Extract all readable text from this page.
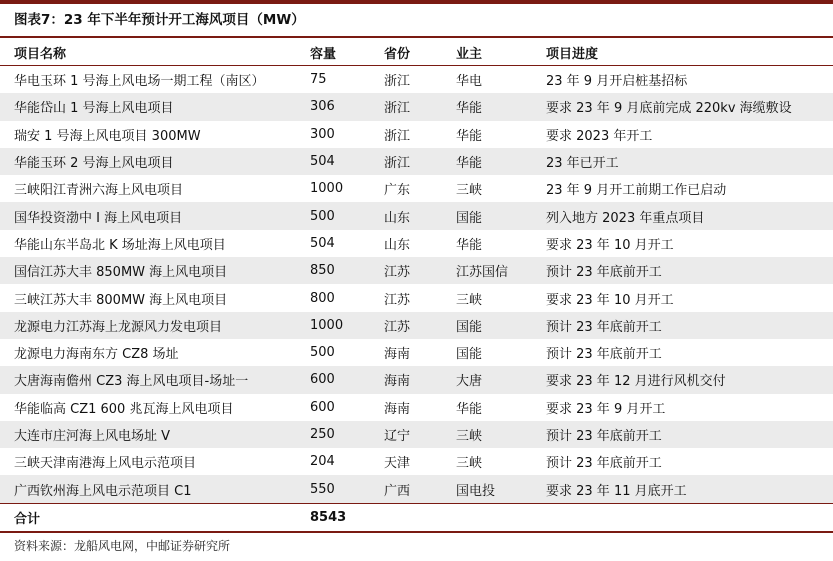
图表7：23 年下半年预计开工海风项目（MW）
项目名称	容量	省份	业主	项目进度
华电玉环 1 号海上风电场一期工程（南区）	75	浙江	华电	23 年 9 月开启桩基招标
华能岱山 1 号海上风电项目	306	浙江	华能	要求 23 年 9 月底前完成 220kv 海缆敷设
瑞安 1 号海上风电项目 300MW	300	浙江	华能	要求 2023 年开工
华能玉环 2 号海上风电项目	504	浙江	华能	23 年已开工
三峡阳江青洲六海上风电项目	1000	广东	三峡	23 年 9 月开工前期工作已启动
国华投资渤中 I 海上风电项目	500	山东	国能	列入地方 2023 年重点项目
华能山东半岛北 K 场址海上风电项目	504	山东	华能	要求 23 年 10 月开工
国信江苏大丰 850MW 海上风电项目	850	江苏	江苏国信	预计 23 年底前开工
三峡江苏大丰 800MW 海上风电项目	800	江苏	三峡	要求 23 年 10 月开工
龙源电力江苏海上龙源风力发电项目	1000	江苏	国能	预计 23 年底前开工
龙源电力海南东方 CZ8 场址	500	海南	国能	预计 23 年底前开工
大唐海南儋州 CZ3 海上风电项目-场址一	600	海南	大唐	要求 23 年 12 月进行风机交付
华能临高 CZ1 600 兆瓦海上风电项目	600	海南	华能	要求 23 年 9 月开工
大连市庄河海上风电场址 V	250	辽宁	三峡	预计 23 年底前开工
三峡天津南港海上风电示范项目	204	天津	三峡	预计 23 年底前开工
广西钦州海上风电示范项目 C1	550	广西	国电投	要求 23 年 11 月底开工
合计	8543			
资料来源：龙船风电网，中邮证券研究所
